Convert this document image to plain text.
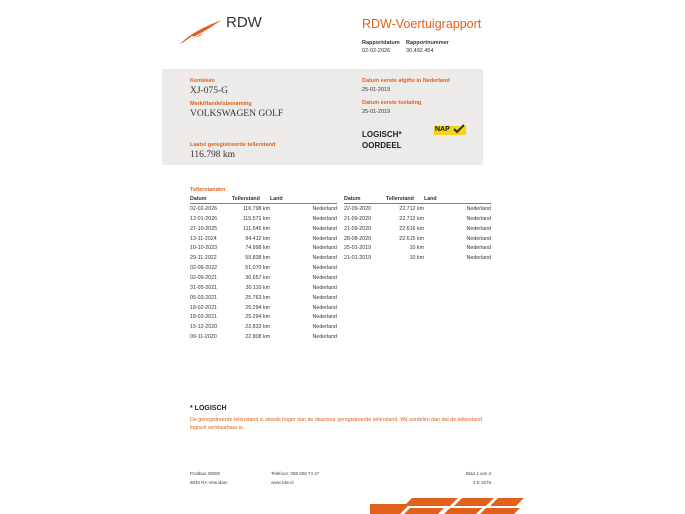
RDW	RDW-Voertuigrapport
Rapportdatum
02-02-2026
Rapportnummer
30.492.454
Kenteken
XJ-075-G
Merk/Handelsbenaming
VOLKSWAGEN GOLF
Laatst geregistreerde tellerstand
116.798 km
Datum eerste afgifte in Nederland
25-01-2019
Datum eerste toelating
25-01-2019
LOGISCH*
OORDEEL
NAP
Tellerstanden
Datum	Tellerstand	Land
02-02-2026	116.798 km	Nederland
12-01-2026	115.571 km	Nederland
27-10-2025	111.545 km	Nederland
13-11-2024	94.412 km	Nederland
10-10-2023	74.998 km	Nederland
29-11-2022	59.838 km	Nederland
02-06-2022	51.070 km	Nederland
02-06-2021	30.657 km	Nederland
31-05-2021	30.110 km	Nederland
05-03-2021	25.763 km	Nederland
18-02-2021	25.294 km	Nederland
18-02-2021	25.294 km	Nederland
15-12-2020	22.833 km	Nederland
09-11-2020	22.808 km	Nederland
Datum	Tellerstand	Land
22-09-2020	22.712 km	Nederland
21-09-2020	22.712 km	Nederland
21-09-2020	22.616 km	Nederland
28-08-2020	22.615 km	Nederland
25-01-2019	10 km	Nederland
21-01-2019	10 km	Nederland
* LOGISCH
De geregistreerde tellerstand is steeds hoger dan de daarvoor geregistreerde tellerstand. Wij oordelen dan dat de tellerstand logisch verklaarbaar is.
Postbus 30000
9640 RA Veendam
Telefoon: 088 008 74 47
www.rdw.nl
Blad 1 van 3
3 E 1678
